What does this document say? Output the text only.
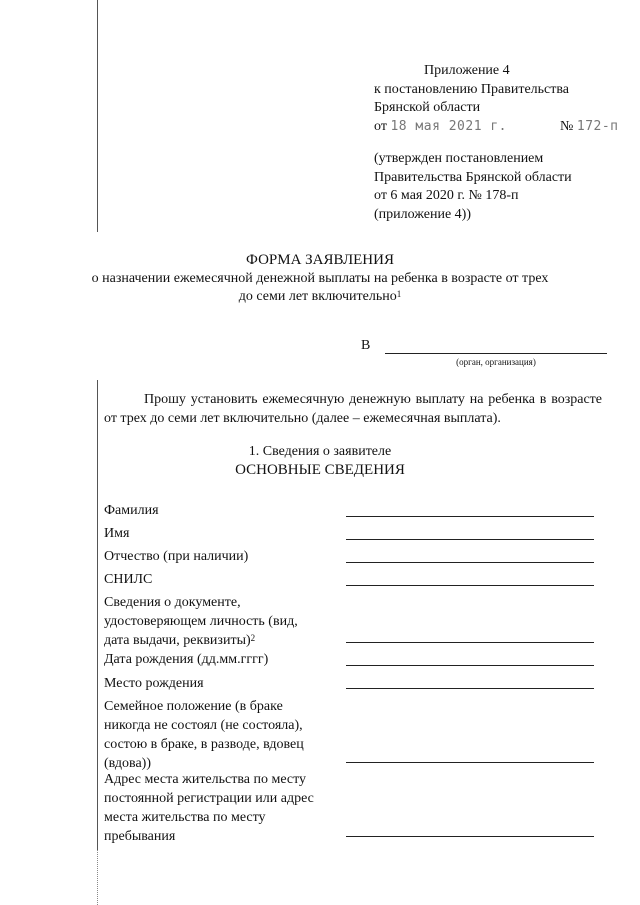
Приложение 4
к постановлению Правительства
Брянской области
от 18 мая 2021 г.	№ 172-п
(утвержден постановлением
Правительства Брянской области
от 6 мая 2020 г. № 178-п
(приложение 4))
ФОРМА ЗАЯВЛЕНИЯ
о назначении ежемесячной денежной выплаты на ребенка в возрасте от трех
до семи лет включительно$^1$
В
(орган, организация)
Прошу установить ежемесячную денежную выплату на ребенка в возрасте от трех до семи лет включительно (далее – ежемесячная выплата).
1. Сведения о заявителе
ОСНОВНЫЕ СВЕДЕНИЯ
Фамилия
Имя
Отчество (при наличии)
СНИЛС
Сведения о документе, удостоверяющем личность (вид, дата выдачи, реквизиты)$^2$
Дата рождения (дд.мм.гггг)
Место рождения
Семейное положение (в браке никогда не состоял (не состояла), состою в браке, в разводе, вдовец (вдова))
Адрес места жительства по месту постоянной регистрации или адрес места жительства по месту пребывания
